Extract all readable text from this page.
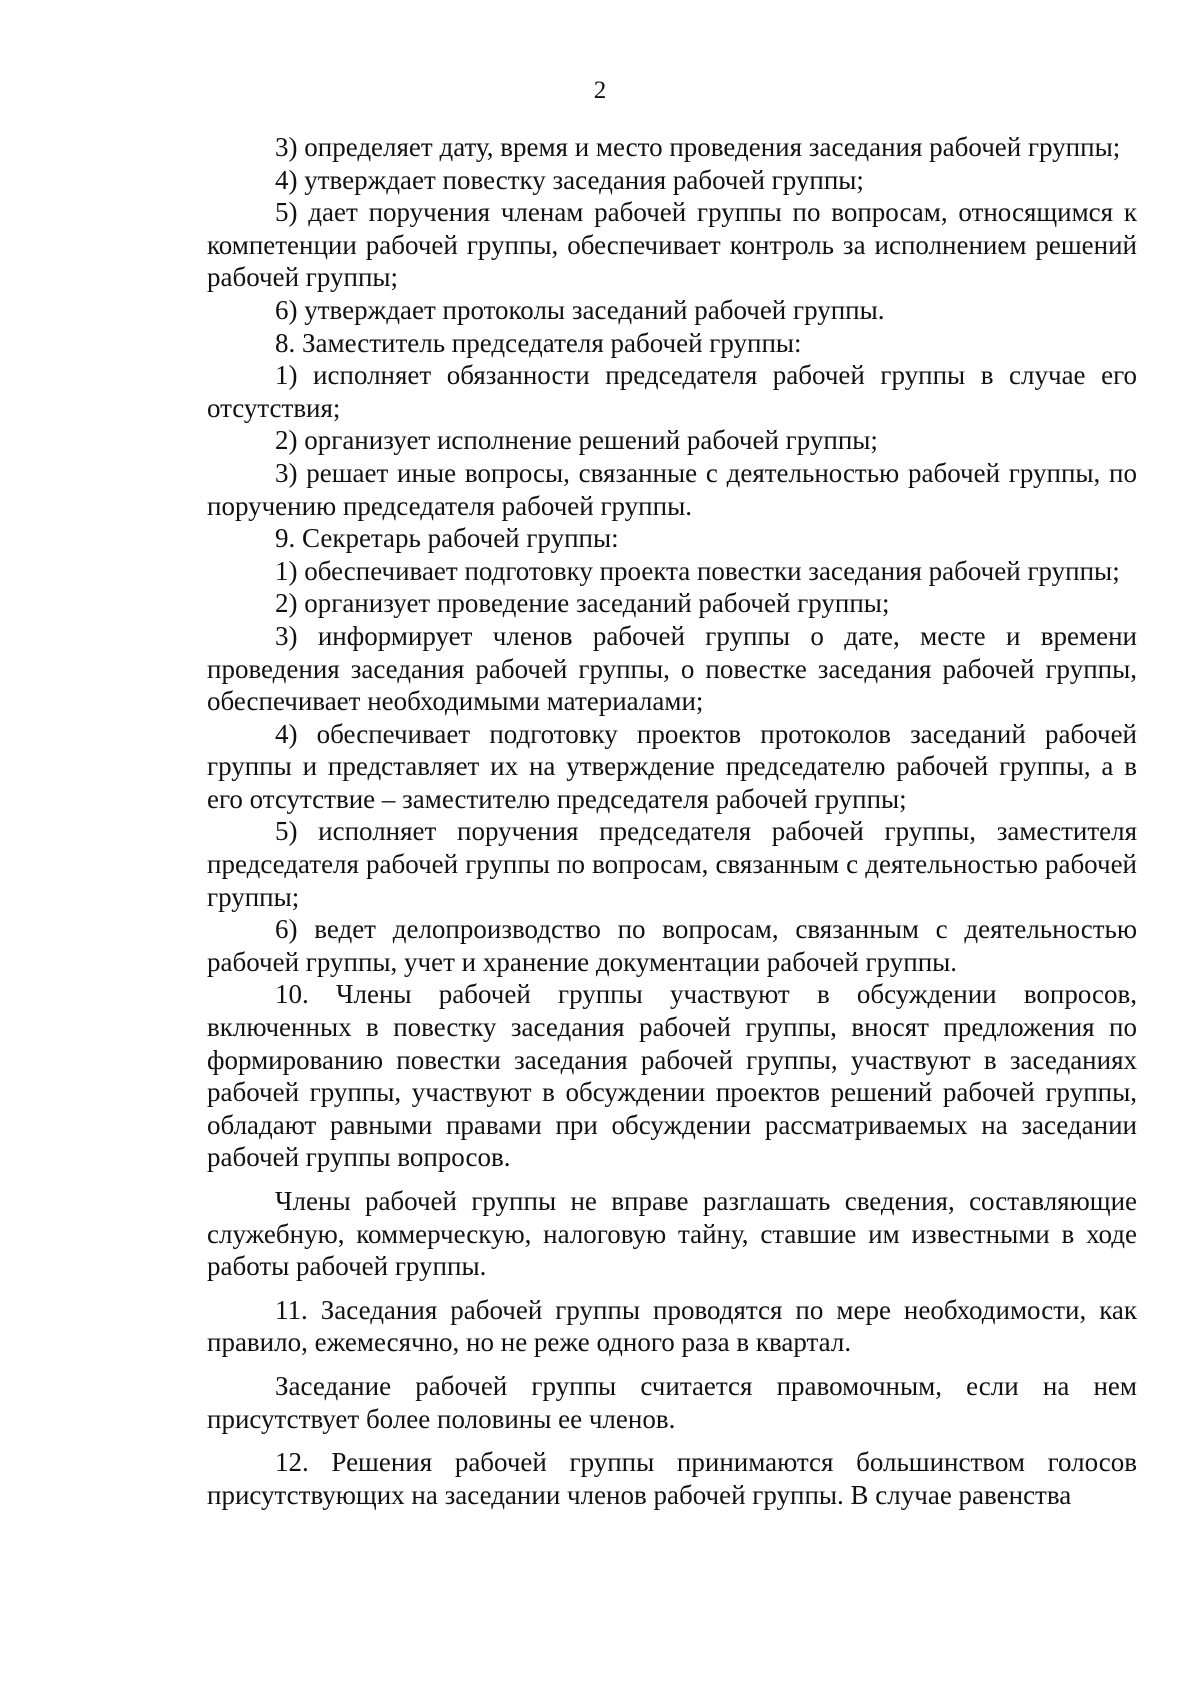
2

3) определяет дату, время и место проведения заседания рабочей группы;

4) утверждает повестку заседания рабочей группы;

5) дает поручения членам рабочей группы по вопросам, относящимся к компетенции рабочей группы, обеспечивает контроль за исполнением решений рабочей группы;

6) утверждает протоколы заседаний рабочей группы.

8. Заместитель председателя рабочей группы:

1) исполняет обязанности председателя рабочей группы в случае его отсутствия;

2) организует исполнение решений рабочей группы;

3) решает иные вопросы, связанные с деятельностью рабочей группы, по поручению председателя рабочей группы.

9. Секретарь рабочей группы:

1) обеспечивает подготовку проекта повестки заседания рабочей группы;

2) организует проведение заседаний рабочей группы;

3) информирует членов рабочей группы о дате, месте и времени проведения заседания рабочей группы, о повестке заседания рабочей группы, обеспечивает необходимыми материалами;

4) обеспечивает подготовку проектов протоколов заседаний рабочей группы и представляет их на утверждение председателю рабочей группы, а в его отсутствие – заместителю председателя рабочей группы;

5) исполняет поручения председателя рабочей группы, заместителя председателя рабочей группы по вопросам, связанным с деятельностью рабочей группы;

6) ведет делопроизводство по вопросам, связанным с деятельностью рабочей группы, учет и хранение документации рабочей группы.

10. Члены рабочей группы участвуют в обсуждении вопросов, включенных в повестку заседания рабочей группы, вносят предложения по формированию повестки заседания рабочей группы, участвуют в заседаниях рабочей группы, участвуют в обсуждении проектов решений рабочей группы, обладают равными правами при обсуждении рассматриваемых на заседании рабочей группы вопросов.

Члены рабочей группы не вправе разглашать сведения, составляющие служебную, коммерческую, налоговую тайну, ставшие им известными в ходе работы рабочей группы.

11. Заседания рабочей группы проводятся по мере необходимости, как правило, ежемесячно, но не реже одного раза в квартал.

Заседание рабочей группы считается правомочным, если на нем присутствует более половины ее членов.

12. Решения рабочей группы принимаются большинством голосов присутствующих на заседании членов рабочей группы. В случае равенства
